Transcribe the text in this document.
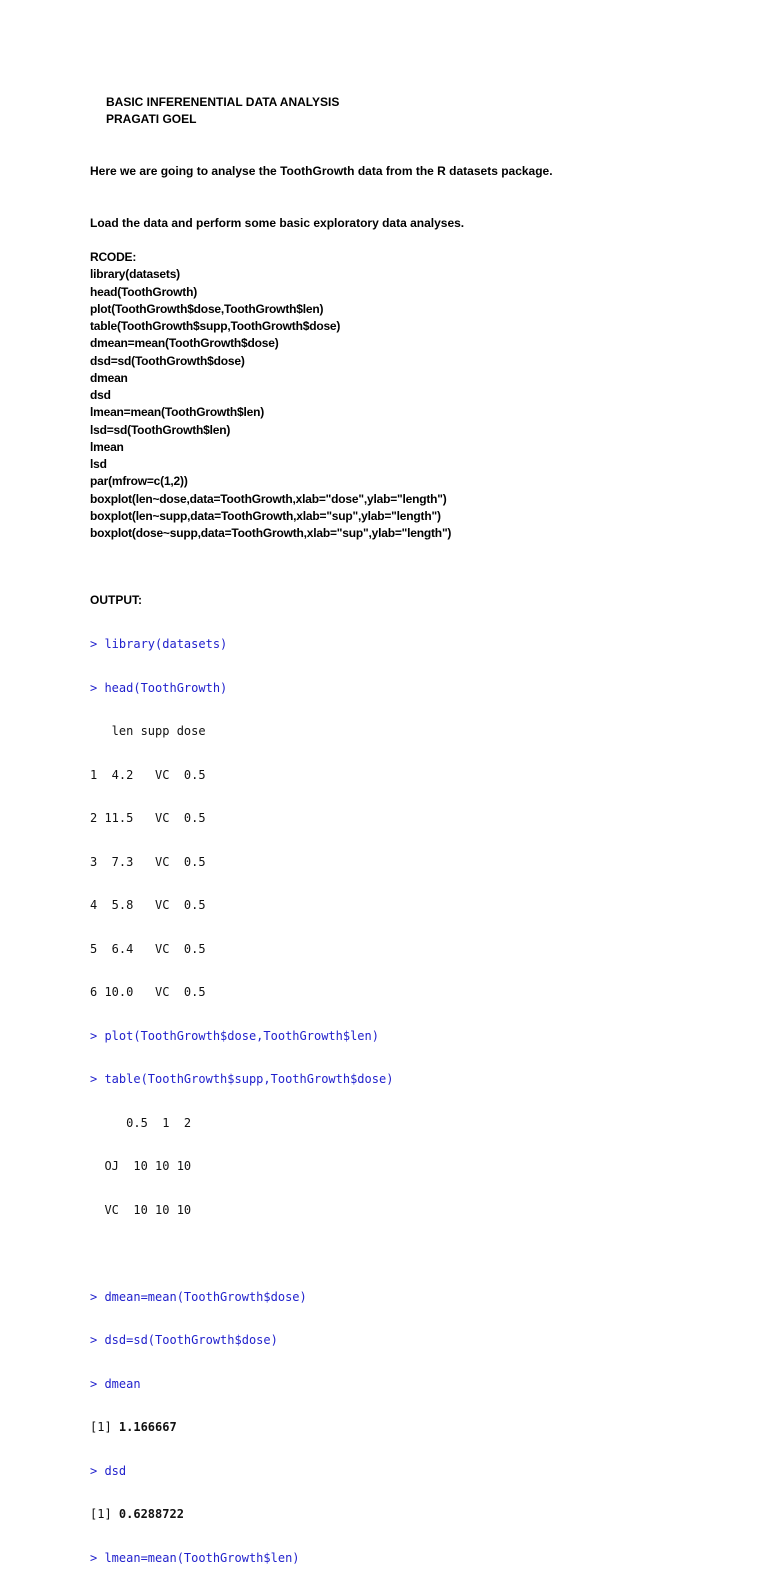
BASIC INFERENENTIAL DATA ANALYSIS
PRAGATI GOEL
Here we are going to analyse the ToothGrowth data from the R datasets package.
Load the data and perform some basic exploratory data analyses.
RCODE:
library(datasets)
head(ToothGrowth)
plot(ToothGrowth$dose,ToothGrowth$len)
table(ToothGrowth$supp,ToothGrowth$dose)
dmean=mean(ToothGrowth$dose)
dsd=sd(ToothGrowth$dose)
dmean
dsd
lmean=mean(ToothGrowth$len)
lsd=sd(ToothGrowth$len)
lmean
lsd
par(mfrow=c(1,2))
boxplot(len~dose,data=ToothGrowth,xlab="dose",ylab="length")
boxplot(len~supp,data=ToothGrowth,xlab="sup",ylab="length")
boxplot(dose~supp,data=ToothGrowth,xlab="sup",ylab="length")
OUTPUT:

> library(datasets)

> head(ToothGrowth)

len supp dose

1  4.2   VC  0.5

2 11.5   VC  0.5

3  7.3   VC  0.5

4  5.8   VC  0.5

5  6.4   VC  0.5

6 10.0   VC  0.5

> plot(ToothGrowth$dose,ToothGrowth$len)

> table(ToothGrowth$supp,ToothGrowth$dose)

0.5  1  2

OJ  10 10 10

VC  10 10 10

> dmean=mean(ToothGrowth$dose)

> dsd=sd(ToothGrowth$dose)

> dmean

[1] 1.166667

> dsd

[1] 0.6288722

> lmean=mean(ToothGrowth$len)
